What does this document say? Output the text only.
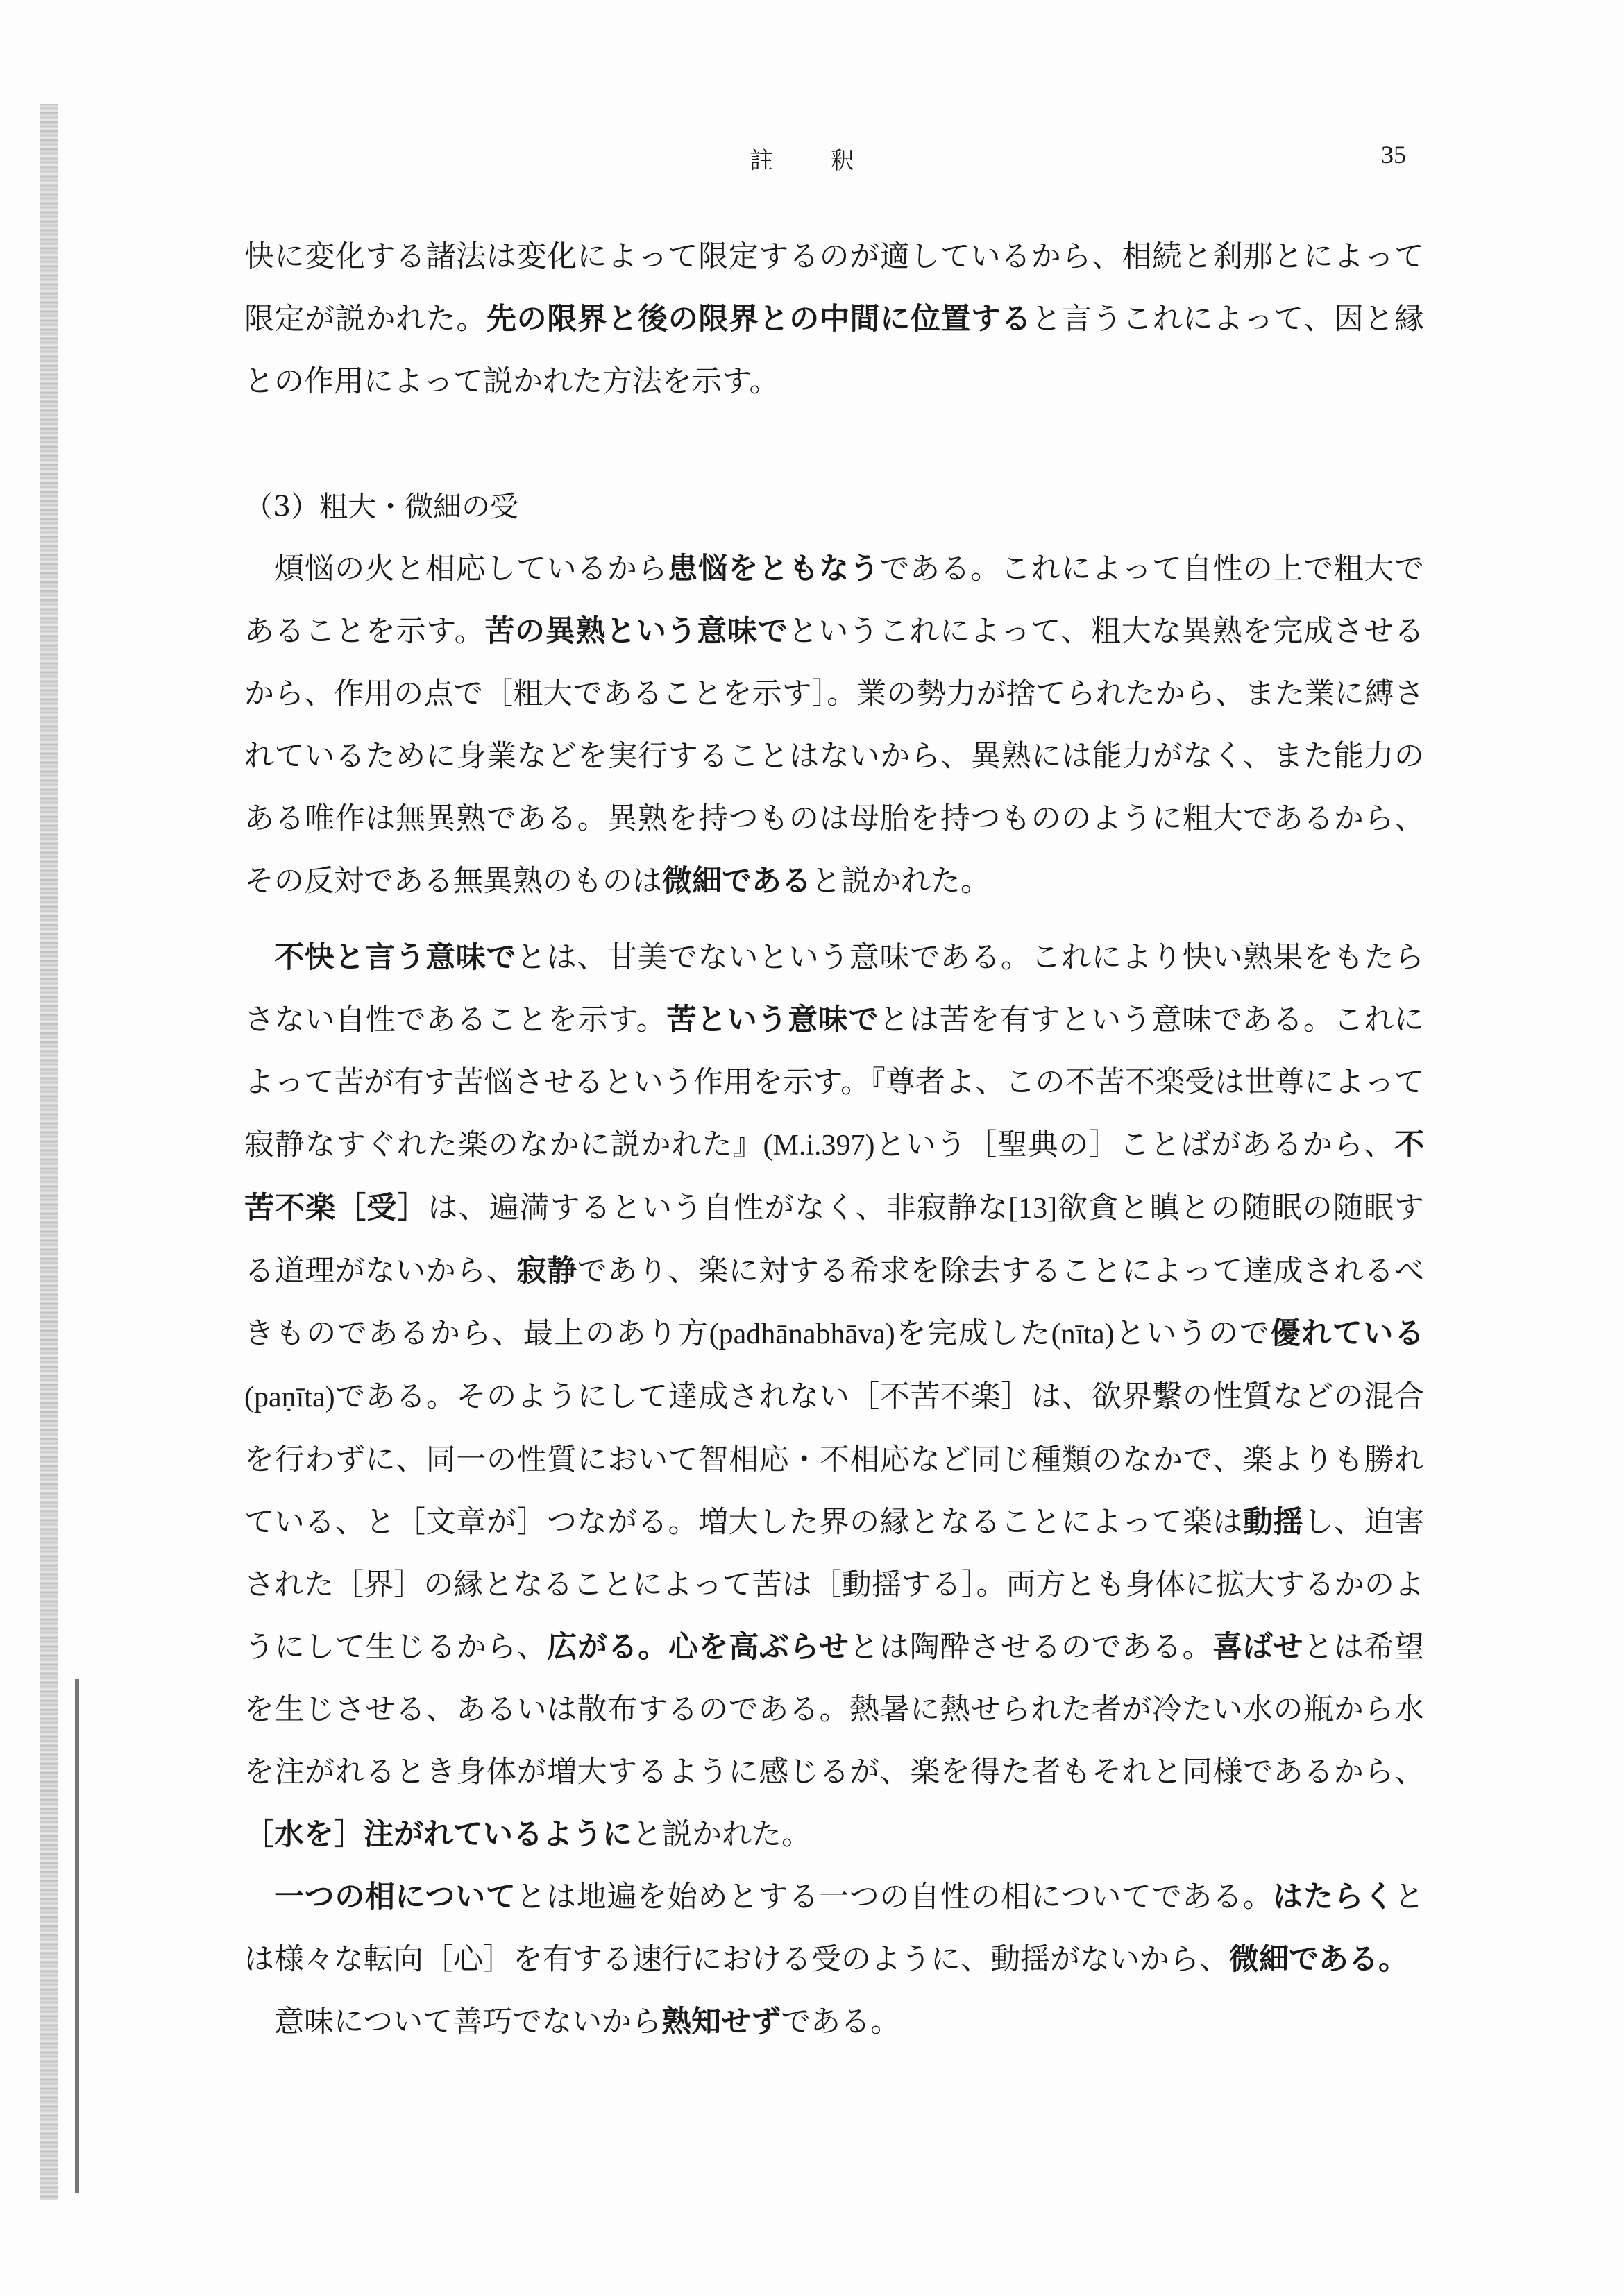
註 釈	35

快に変化する諸法は変化によって限定するのが適しているから、相続と刹那とによって限定が説かれた。先の限界と後の限界との中間に位置すると言うこれによって、因と縁との作用によって説かれた方法を示す。

（3）粗大・微細の受

煩悩の火と相応しているから患悩をともなうである。これによって自性の上で粗大であることを示す。苦の異熟という意味でというこれによって、粗大な異熟を完成させるから、作用の点で［粗大であることを示す］。業の勢力が捨てられたから、また業に縛されているために身業などを実行することはないから、異熟には能力がなく、また能力のある唯作は無異熟である。異熟を持つものは母胎を持つもののように粗大であるから、その反対である無異熟のものは微細であると説かれた。

不快と言う意味でとは、甘美でないという意味である。これにより快い熟果をもたらさない自性であることを示す。苦という意味でとは苦を有すという意味である。これによって苦が有す苦悩させるという作用を示す。『尊者よ、この不苦不楽受は世尊によって寂静なすぐれた楽のなかに説かれた』(M.i.397)という［聖典の］ことばがあるから、不苦不楽［受］は、遍満するという自性がなく、非寂静な[13]欲貪と瞋との随眠の随眠する道理がないから、寂静であり、楽に対する希求を除去することによって達成されるべきものであるから、最上のあり方(padhānabhāva)を完成した(nīta)というので優れている(paṇīta)である。そのようにして達成されない［不苦不楽］は、欲界繫の性質などの混合を行わずに、同一の性質において智相応・不相応など同じ種類のなかで、楽よりも勝れている、と［文章が］つながる。増大した界の縁となることによって楽は動揺し、迫害された［界］の縁となることによって苦は［動揺する］。両方とも身体に拡大するかのようにして生じるから、広がる。心を高ぶらせとは陶酔させるのである。喜ばせとは希望を生じさせる、あるいは散布するのである。熱暑に熱せられた者が冷たい水の瓶から水を注がれるとき身体が増大するように感じるが、楽を得た者もそれと同様であるから、［水を］注がれているようにと説かれた。

一つの相についてとは地遍を始めとする一つの自性の相についてである。はたらくとは様々な転向［心］を有する速行における受のように、動揺がないから、微細である。

意味について善巧でないから熟知せずである。
